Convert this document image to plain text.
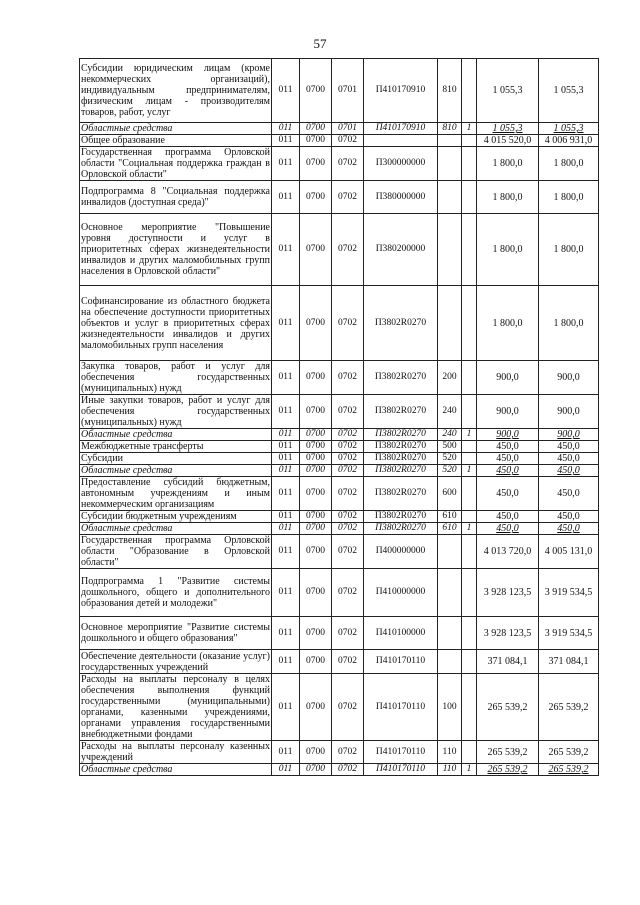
57
Субсидии юридическим лицам (кроме некоммерческих организаций), индивидуальным предпринимателям, физическим лицам - производителям товаров, работ, услуг	011	0700	0701	П410170910	810		1 055,3	1 055,3
Областные средства	011	0700	0701	П410170910	810	1	1 055,3	1 055,3
Общее образование	011	0700	0702				4 015 520,0	4 006 931,0
Государственная программа Орловской области "Социальная поддержка граждан в Орловской области"	011	0700	0702	П300000000			1 800,0	1 800,0
Подпрограмма 8 "Социальная поддержка инвалидов (доступная среда)"	011	0700	0702	П380000000			1 800,0	1 800,0
Основное мероприятие "Повышение уровня доступности и услуг в приоритетных сферах жизнедеятельности инвалидов и других маломобильных групп населения в Орловской области"	011	0700	0702	П380200000			1 800,0	1 800,0
Софинансирование из областного бюджета на обеспечение доступности приоритетных объектов и услуг в приоритетных сферах жизнедеятельности инвалидов и других маломобильных групп населения	011	0700	0702	П3802R0270			1 800,0	1 800,0
Закупка товаров, работ и услуг для обеспечения государственных (муниципальных) нужд	011	0700	0702	П3802R0270	200		900,0	900,0
Иные закупки товаров, работ и услуг для обеспечения государственных (муниципальных) нужд	011	0700	0702	П3802R0270	240		900,0	900,0
Областные средства	011	0700	0702	П3802R0270	240	1	900,0	900,0
Межбюджетные трансферты	011	0700	0702	П3802R0270	500		450,0	450,0
Субсидии	011	0700	0702	П3802R0270	520		450,0	450,0
Областные средства	011	0700	0702	П3802R0270	520	1	450,0	450,0
Предоставление субсидий бюджетным, автономным учреждениям и иным некоммерческим организациям	011	0700	0702	П3802R0270	600		450,0	450,0
Субсидии бюджетным учреждениям	011	0700	0702	П3802R0270	610		450,0	450,0
Областные средства	011	0700	0702	П3802R0270	610	1	450,0	450,0
Государственная программа Орловской области "Образование в Орловской области"	011	0700	0702	П400000000			4 013 720,0	4 005 131,0
Подпрограмма 1 "Развитие системы дошкольного, общего и дополнительного образования детей и молодежи"	011	0700	0702	П410000000			3 928 123,5	3 919 534,5
Основное мероприятие "Развитие системы дошкольного и общего образования"	011	0700	0702	П410100000			3 928 123,5	3 919 534,5
Обеспечение деятельности (оказание услуг) государственных учреждений	011	0700	0702	П410170110			371 084,1	371 084,1
Расходы на выплаты персоналу в целях обеспечения выполнения функций государственными (муниципальными) органами, казенными учреждениями, органами управления государственными внебюджетными фондами	011	0700	0702	П410170110	100		265 539,2	265 539,2
Расходы на выплаты персоналу казенных учреждений	011	0700	0702	П410170110	110		265 539,2	265 539,2
Областные средства	011	0700	0702	П410170110	110	1	265 539,2	265 539,2
